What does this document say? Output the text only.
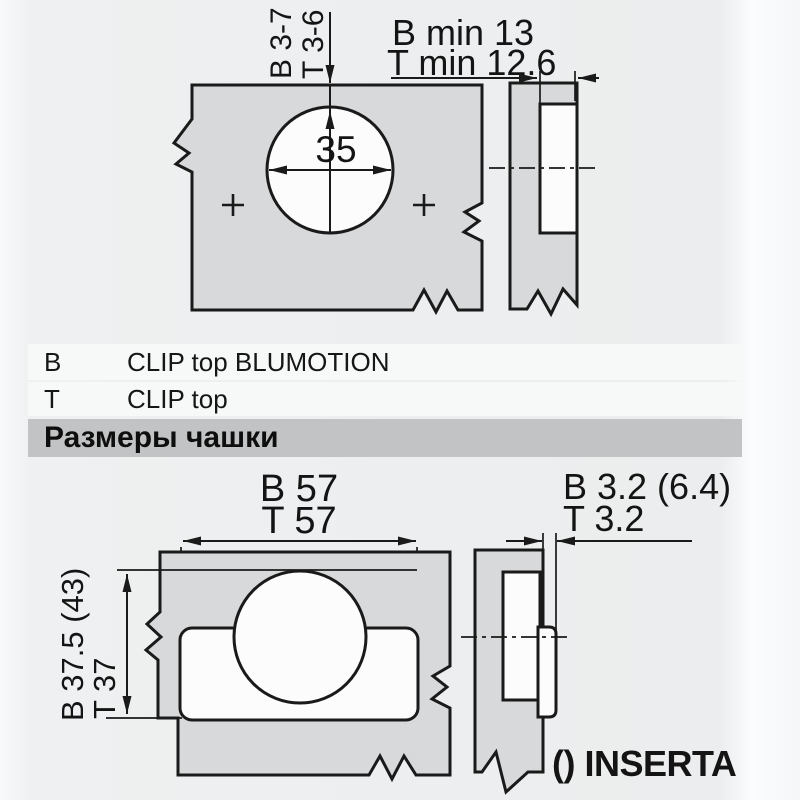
B 3-7 T 3-6
35
B min 13
T min 12.6
B 57
T 57
B 3.2 (6.4)
T 3.2
B 37.5 (43)
T 37
() INSERTA
B	CLIP top BLUMOTION
T	CLIP top
Размеры чашки
